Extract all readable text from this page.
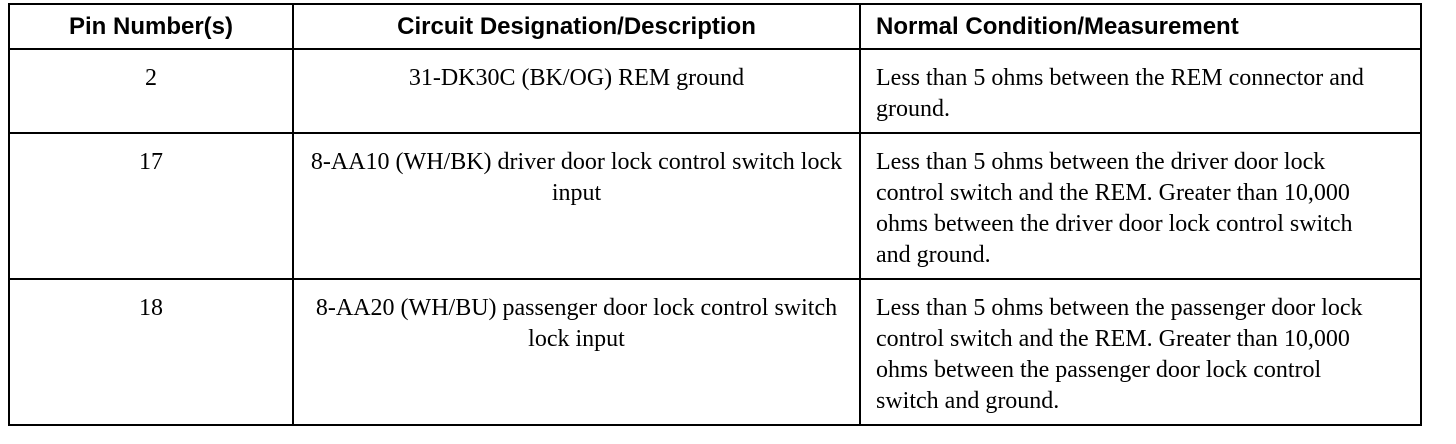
Pin Number(s)	Circuit Designation/Description	Normal Condition/Measurement
2	31-DK30C (BK/OG) REM ground	Less than 5 ohms between the REM connector and ground.
17	8-AA10 (WH/BK) driver door lock control switch lock input	Less than 5 ohms between the driver door lock control switch and the REM. Greater than 10,000 ohms between the driver door lock control switch and ground.
18	8-AA20 (WH/BU) passenger door lock control switch lock input	Less than 5 ohms between the passenger door lock control switch and the REM. Greater than 10,000 ohms between the passenger door lock control switch and ground.
